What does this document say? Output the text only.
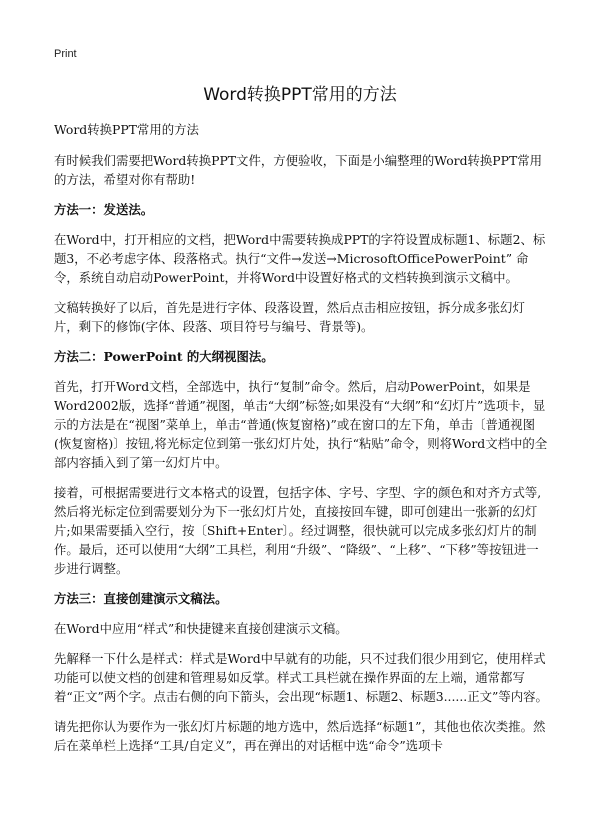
Print
Word转换PPT常用的方法

Word转换PPT常用的方法

有时候我们需要把Word转换PPT文件，方便验收，下面是小编整理的Word转换PPT常用的方法，希望对你有帮助!

方法一：发送法。

在Word中，打开相应的文档，把Word中需要转换成PPT的字符设置成标题1、标题2、标题3，不必考虑字体、段落格式。执行“文件→发送→MicrosoftOfficePowerPoint” 命令，系统自动启动PowerPoint，并将Word中设置好格式的文档转换到演示文稿中。

文稿转换好了以后，首先是进行字体、段落设置，然后点击相应按钮，拆分成多张幻灯片，剩下的修饰(字体、段落、项目符号与编号、背景等)。

方法二：PowerPoint 的大纲视图法。

首先，打开Word文档，全部选中，执行“复制”命令。然后，启动PowerPoint，如果是Word2002版，选择“普通”视图，单击“大纲”标签;如果没有“大纲”和“幻灯片”选项卡，显示的方法是在“视图”菜单上，单击“普通(恢复窗格)”或在窗口的左下角，单击〔普通视图(恢复窗格)〕按钮,将光标定位到第一张幻灯片处，执行“粘贴”命令，则将Word文档中的全部内容插入到了第一幻灯片中。

接着，可根据需要进行文本格式的设置，包括字体、字号、字型、字的颜色和对齐方式等,然后将光标定位到需要划分为下一张幻灯片处，直接按回车键，即可创建出一张新的幻灯片;如果需要插入空行，按〔Shift+Enter〕。经过调整，很快就可以完成多张幻灯片的制作。最后，还可以使用“大纲”工具栏，利用“升级”、“降级”、“上移”、“下移”等按钮进一步进行调整。

方法三：直接创建演示文稿法。

在Word中应用“样式”和快捷键来直接创建演示文稿。

先解释一下什么是样式：样式是Word中早就有的功能，只不过我们很少用到它，使用样式功能可以使文档的创建和管理易如反掌。样式工具栏就在操作界面的左上端，通常都写着“正文”两个字。点击右侧的向下箭头，会出现“标题1、标题2、标题3......正文”等内容。

请先把你认为要作为一张幻灯片标题的地方选中，然后选择“标题1”，其他也依次类推。然后在菜单栏上选择“工具/自定义”，再在弹出的对话框中选“命令”选项卡
